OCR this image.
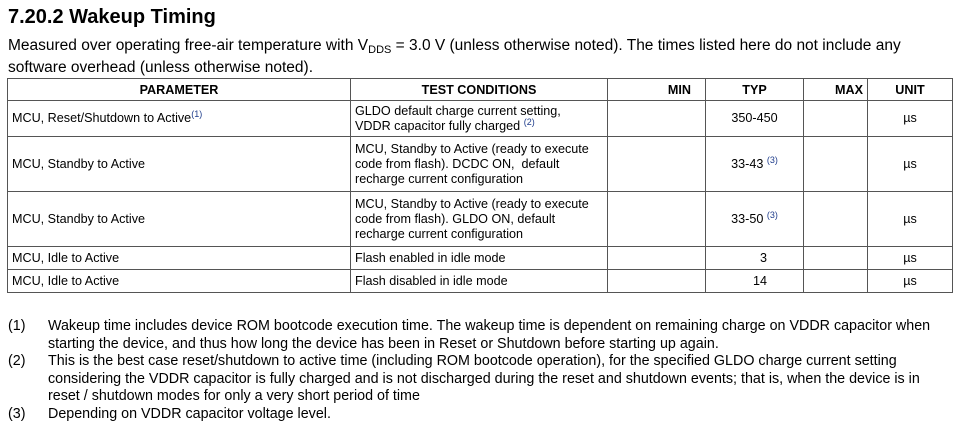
7.20.2 Wakeup Timing
Measured over operating free-air temperature with $V_{DDS} = 3.0$ V (unless otherwise noted). The times listed here do not include any software overhead (unless otherwise noted).
PARAMETER	TEST CONDITIONS	MIN	TYP	MAX	UNIT
MCU, Reset/Shutdown to Active$^{(1)}$	GLDO default charge current setting,
VDDR capacitor fully charged $^{(2)}$		350-450		µs
MCU, Standby to Active	MCU, Standby to Active (ready to execute
code from flash). DCDC ON,  default
recharge current configuration		33-43 $^{(3)}$		µs
MCU, Standby to Active	MCU, Standby to Active (ready to execute
code from flash). GLDO ON, default
recharge current configuration		33-50 $^{(3)}$		µs
MCU, Idle to Active	Flash enabled in idle mode		3		µs
MCU, Idle to Active	Flash disabled in idle mode		14		µs
(1)	Wakeup time includes device ROM bootcode execution time. The wakeup time is dependent on remaining charge on VDDR capacitor when starting the device, and thus how long the device has been in Reset or Shutdown before starting up again.
(2)	This is the best case reset/shutdown to active time (including ROM bootcode operation), for the specified GLDO charge current setting considering the VDDR capacitor is fully charged and is not discharged during the reset and shutdown events; that is, when the device is in reset / shutdown modes for only a very short period of time
(3)	Depending on VDDR capacitor voltage level.
